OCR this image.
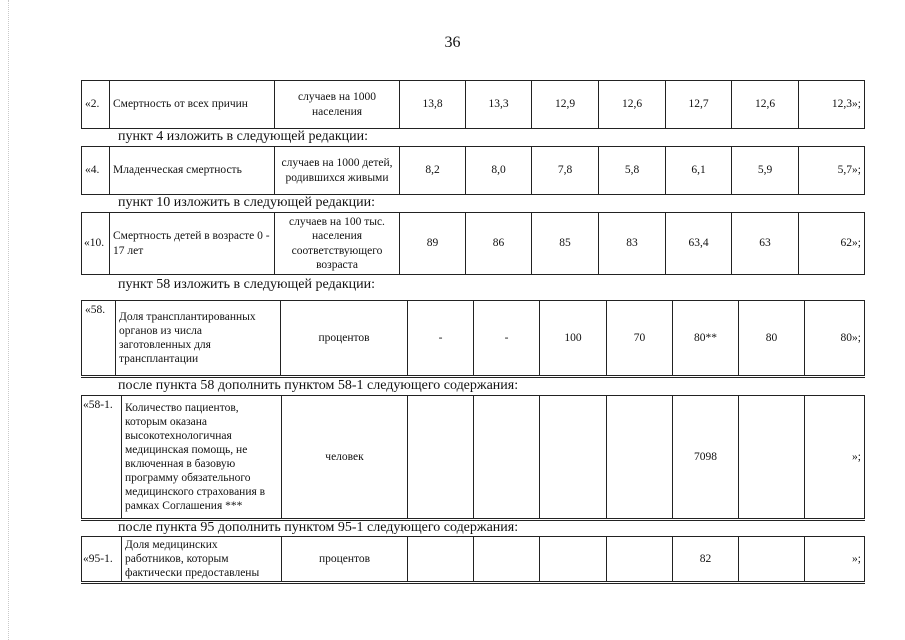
36
«2.	Смертность от всех причин	случаев на 1000 населения	13,8	13,3	12,9	12,6	12,7	12,6	12,3»;
пункт 4 изложить в следующей редакции:
«4.	Младенческая смертность	случаев на 1000 детей, родившихся живыми	8,2	8,0	7,8	5,8	6,1	5,9	5,7»;
пункт 10 изложить в следующей редакции:
«10.	Смертность детей в возрасте 0 - 17 лет	случаев на 100 тыс. населения соответствующего возраста	89	86	85	83	63,4	63	62»;
пункт 58 изложить в следующей редакции:
«58.	Доля трансплантированных органов из числа заготовленных для трансплантации	процентов	-	-	100	70	80**	80	80»;
после пункта 58 дополнить пунктом 58-1 следующего содержания:
«58-1.	Количество пациентов, которым оказана высокотехнологичная медицинская помощь, не включенная в базовую программу обязательного медицинского страхования в рамках Соглашения ***	человек					7098		»;
после пункта 95 дополнить пунктом 95-1 следующего содержания:
«95-1.	Доля медицинских работников, которым фактически предоставлены	процентов					82		»;
